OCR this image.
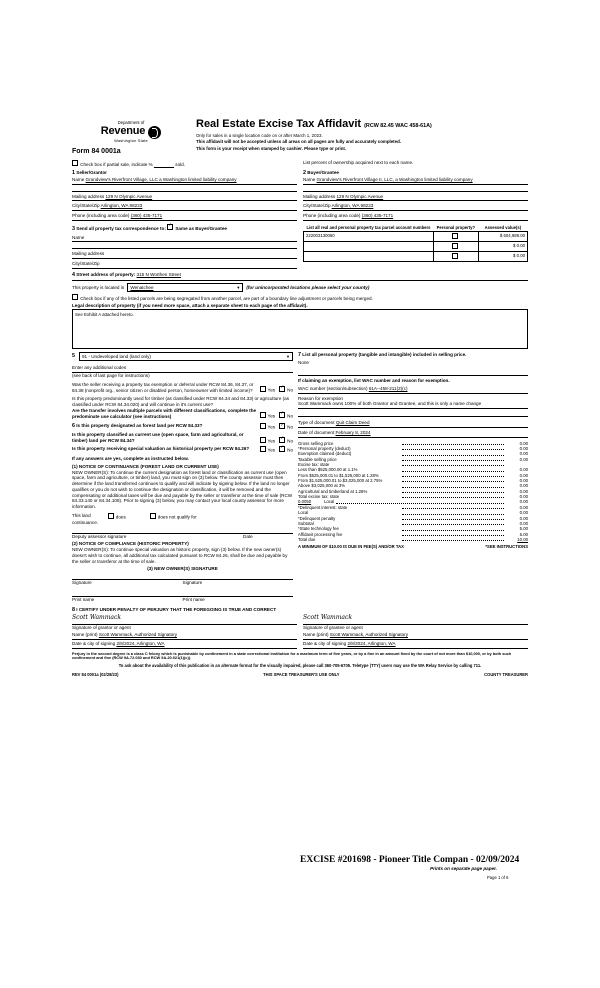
Department of
Revenue
Washington State
Form 84 0001a
Real Estate Excise Tax Affidavit (RCW 82.45 WAC 458-61A)
Only for sales in a single location code on or after March 1, 2023.
This affidavit will not be accepted unless all areas on all pages are fully and accurately completed.
This form is your receipt when stamped by cashier. Please type or print.
Check box if partial sale, indicate %	sold.	List percent of ownership acquired next to each name.
1 Seller/Grantor
Name Grandview's Riverfront Village, LLC a Washington limited liability company
Mailing address 129 N Olympic Avenue
City/State/Zip Arlington, WA 98223
Phone (including area code) (360) 435-7171
2 Buyer/Grantee
Name Grandview's Riverfront Village II, LLC, a Washington limited liability company
Mailing address 129 N Olympic Avenue
City/State/Zip Arlington, WA 98223
Phone (including area code) (360) 435-7171
3 Send all property tax correspondence to: ✓ Same as Buyer/Grantee
Name
Mailing address
City/State/Zip
List all real and personal property tax parcel account numbers	Personal property?	Assessed value(s)
222003130060		$ 604,989.00
		$ 0.00
		$ 0.00
4 Street address of property: 315 N Worthen Street
This property is located in Wenatchee	▼ (for unincorporated locations please select your county)
Check box if any of the listed parcels are being segregated from another parcel, are part of a boundary line adjustment or parcels being merged.
Legal description of property (if you need more space, attach a separate sheet to each page of the affidavit).
See Exhibit A attached hereto.
5 91 - Undeveloped land (land only)	▼
Enter any additional codes
(see back of last page for instructions)
Was the seller receiving a property tax exemption or deferral under RCW 84.36, 84.37, or 84.38 (nonprofit org., senior citizen or disabled person, homeowner with limited income)?	Yes ✓	No
Is this property predominantly used for timber (as classified under RCW 84.34 and 84.33) or agriculture (as classified under RCW 84.34.020) and will continue in it's current use?
Are the transfer involves multiple parcels with different classifications, complete the predominate use calculator (see instructions)	Yes ✓	No
6 Is this property designated as forest land per RCW 84.33?	Yes ✓	No
Is this property classified as current use (open space, farm and agricultural, or timber) land per RCW 84.34?	Yes ✓	No
Is this property receiving special valuation as historical property per RCW 84.26?	Yes ✓	No
If any answers are yes, complete as instructed below.
(1) NOTICE OF CONTINUANCE (FOREST LAND OR CURRENT USE)
NEW OWNER(S): To continue the current designation as forest land or classification as current use (open space, farm and agriculture, or timber) land, you must sign on (3) below. The county assessor must then determine if the land transferred continues to qualify and will indicate by signing below. If the land no longer qualifies or you do not wish to continue the designation or classification, it will be removed and the compensating or additional taxes will be due and payable by the seller or transferor at the time of sale (RCW 84.33.140 or 84.34.108). Prior to signing (3) below, you may contact your local county assessor for more information.
This land	does	does not qualify for
continuance.
Deputy assessor signature	Date
(2) NOTICE OF COMPLIANCE (HISTORIC PROPERTY)
NEW OWNER(S): To continue special valuation as historic property, sign (3) below. If the new owner(s) doesn't wish to continue, all additional tax calculated pursuant to RCW 84.26, shall be due and payable by the seller or transferor at the time of sale.
(3) NEW OWNER(S) SIGNATURE
Signature	Signature
Print name	Print name
7 List all personal property (tangible and intangible) included in selling price.
None
If claiming an exemption, list WAC number and reason for exemption.
WAC number (section/subsection) 61A--458-211(2)(c)
Reason for exemption
Scott Wammack owns 100% of both Grantor and Grantee, and this is only a name change
Type of document Quit Claim Deed
Date of document February 8, 2024
Gross selling price	0.00
*Personal property (deduct)	0.00
Exemption claimed (deduct)	0.00
Taxable selling price	0.00
Excise tax: state
Less than $525,000.00 at 1.1%	0.00
From $525,000.01 to $1,525,000 at 1.28%	0.00
From $1,525,000.01 to $3,025,000 at 2.75%	0.00
Above $3,025,000 at 3%	0.00
Agricultural and timberland at 1.28%	0.00
Total excise tax: state	0.00
0.0050	Local	0.00
*Delinquent interest: state	0.00
Local	0.00
*Delinquent penalty	0.00
Subtotal	0.00
*State technology fee	5.00
Affidavit processing fee	5.00
Total due	10.00
A MINIMUM OF $10.00 IS DUE IN FEE(S) AND/OR TAX	*SEE INSTRUCTIONS
8 I CERTIFY UNDER PENALTY OF PERJURY THAT THE FOREGOING IS TRUE AND CORRECT
Scott Wammack
Signature of grantor or agent
Name (print) Scott Wammack, Authorized Signatory
Date & city of signing 2/8/2024, Arlington, WA
Scott Wammack
Signature of grantee or agent
Name (print) Scott Wammack, Authorized Signatory
Date & city of signing 2/8/2024, Arlington, WA
Perjury in the second degree is a class C felony which is punishable by confinement in a state correctional institution for a maximum term of five years, or by a fine in an amount fixed by the court of not more than $10,000, or by both such confinement and fine (RCW 9A.72.030 and RCW 9A.20.021(1)(c)).
To ask about the availability of this publication in an alternate format for the visually impaired, please call 360-705-6705. Teletype (TTY) users may use the WA Relay Service by calling 711.
REV 84 0001a (02/28/23)	THIS SPACE TREASURER'S USE ONLY	COUNTY TREASURER
EXCISE #201698 - Pioneer Title Compan - 02/09/2024
Prints on separate page paper.
Page 1 of 6
